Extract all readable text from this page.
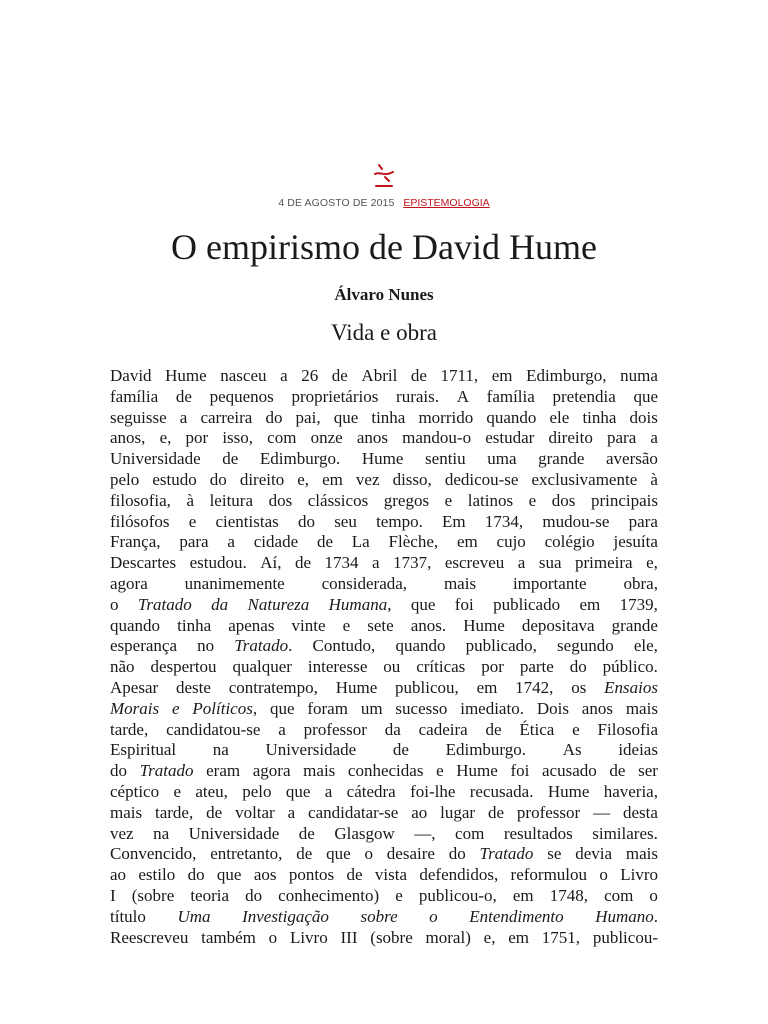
4 DE AGOSTO DE 2015 EPISTEMOLOGIA
O empirismo de David Hume
Álvaro Nunes
Vida e obra
David Hume nasceu a 26 de Abril de 1711, em Edimburgo, numa
família de pequenos proprietários rurais. A família pretendia que
seguisse a carreira do pai, que tinha morrido quando ele tinha dois
anos, e, por isso, com onze anos mandou-o estudar direito para a
Universidade de Edimburgo. Hume sentiu uma grande aversão
pelo estudo do direito e, em vez disso, dedicou-se exclusivamente à
filosofia, à leitura dos clássicos gregos e latinos e dos principais
filósofos e cientistas do seu tempo. Em 1734, mudou-se para
França, para a cidade de La Flèche, em cujo colégio jesuíta
Descartes estudou. Aí, de 1734 a 1737, escreveu a sua primeira e,
agora unanimemente considerada, mais importante obra,
o Tratado da Natureza Humana, que foi publicado em 1739,
quando tinha apenas vinte e sete anos. Hume depositava grande
esperança no Tratado. Contudo, quando publicado, segundo ele,
não despertou qualquer interesse ou críticas por parte do público.
Apesar deste contratempo, Hume publicou, em 1742, os Ensaios
Morais e Políticos, que foram um sucesso imediato. Dois anos mais
tarde, candidatou-se a professor da cadeira de Ética e Filosofia
Espiritual na Universidade de Edimburgo. As ideias
do Tratado eram agora mais conhecidas e Hume foi acusado de ser
céptico e ateu, pelo que a cátedra foi-lhe recusada. Hume haveria,
mais tarde, de voltar a candidatar-se ao lugar de professor — desta
vez na Universidade de Glasgow —, com resultados similares.
Convencido, entretanto, de que o desaire do Tratado se devia mais
ao estilo do que aos pontos de vista defendidos, reformulou o Livro
I (sobre teoria do conhecimento) e publicou-o, em 1748, com o
título Uma Investigação sobre o Entendimento Humano.
Reescreveu também o Livro III (sobre moral) e, em 1751, publicou-
